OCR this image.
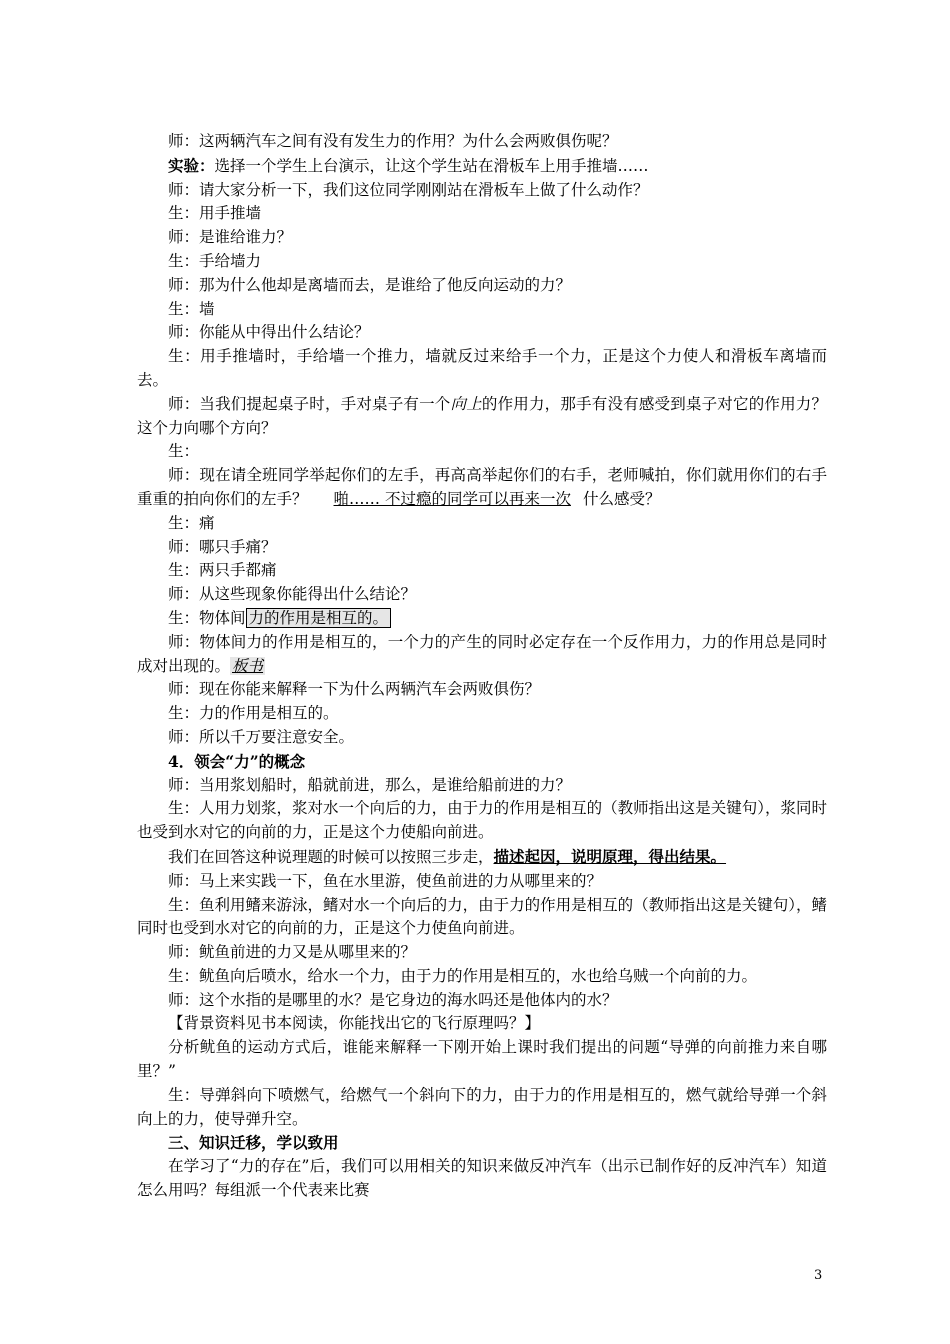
师：这两辆汽车之间有没有发生力的作用？为什么会两败俱伤呢？

实验：选择一个学生上台演示，让这个学生站在滑板车上用手推墙……

师：请大家分析一下，我们这位同学刚刚站在滑板车上做了什么动作？

生：用手推墙

师：是谁给谁力？

生：手给墙力

师：那为什么他却是离墙而去，是谁给了他反向运动的力？

生：墙

师：你能从中得出什么结论？

生：用手推墙时，手给墙一个推力，墙就反过来给手一个力，正是这个力使人和滑板车离墙而去。

师：当我们提起桌子时，手对桌子有一个向上的作用力，那手有没有感受到桌子对它的作用力？这个力向哪个方向？

生：

师：现在请全班同学举起你们的左手，再高高举起你们的右手，老师喊拍，你们就用你们的右手重重的拍向你们的左手？ 啪…… 不过瘾的同学可以再来一次 什么感受？

生：痛

师：哪只手痛？

生：两只手都痛

师：从这些现象你能得出什么结论？

生：物体间 力的作用是相互的。

师：物体间力的作用是相互的，一个力的产生的同时必定存在一个反作用力，力的作用总是同时成对出现的。 板书

师：现在你能来解释一下为什么两辆汽车会两败俱伤？

生：力的作用是相互的。

师：所以千万要注意安全。

4．领会“力”的概念

师：当用浆划船时，船就前进，那么，是谁给船前进的力？

生：人用力划浆，浆对水一个向后的力，由于力的作用是相互的（教师指出这是关键句），浆同时也受到水对它的向前的力，正是这个力使船向前进。

我们在回答这种说理题的时候可以按照三步走，描述起因，说明原理，得出结果。

师：马上来实践一下，鱼在水里游，使鱼前进的力从哪里来的？

生：鱼利用鳍来游泳，鳍对水一个向后的力，由于力的作用是相互的（教师指出这是关键句），鳍同时也受到水对它的向前的力，正是这个力使鱼向前进。

师：鱿鱼前进的力又是从哪里来的？

生：鱿鱼向后喷水，给水一个力，由于力的作用是相互的，水也给乌贼一个向前的力。

师：这个水指的是哪里的水？是它身边的海水吗还是他体内的水？

【背景资料见书本阅读，你能找出它的飞行原理吗？】

分析鱿鱼的运动方式后，谁能来解释一下刚开始上课时我们提出的问题“导弹的向前推力来自哪里？”

生：导弹斜向下喷燃气，给燃气一个斜向下的力，由于力的作用是相互的，燃气就给导弹一个斜向上的力，使导弹升空。

三、知识迁移，学以致用

在学习了“力的存在”后，我们可以用相关的知识来做反冲汽车（出示已制作好的反冲汽车）知道怎么用吗？每组派一个代表来比赛

3
